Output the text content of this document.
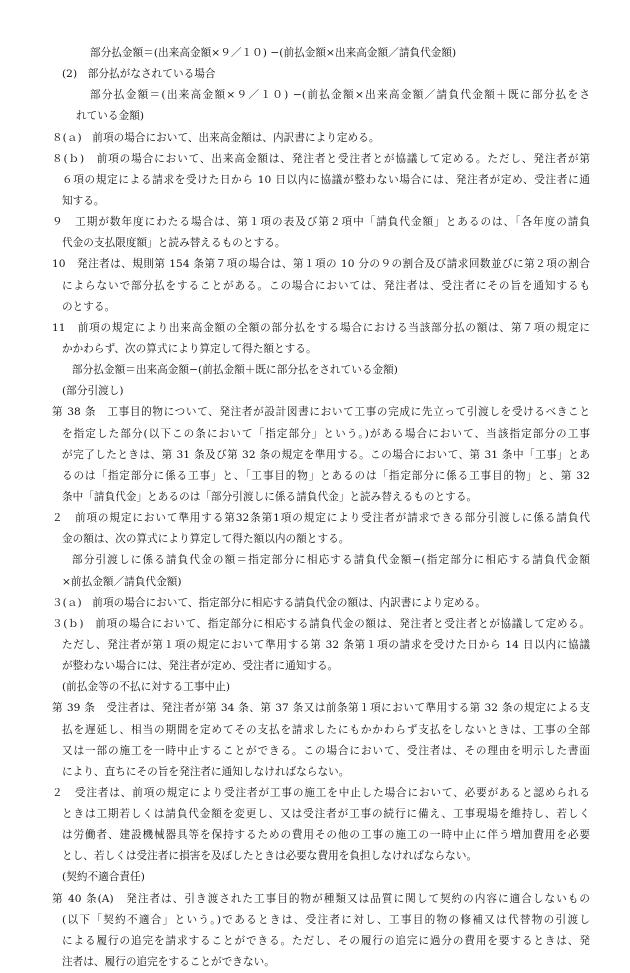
部分払金額＝(出来高金額×９／１０) −(前払金額×出来高金額／請負代金額)
(2)　部分払がなされている場合
部分払金額＝(出来高金額×９／１０) −(前払金額×出来高金額／請負代金額＋既に部分払をさ
れている金額)
８(ａ)　前項の場合において、出来高金額は、内訳書により定める。
８(ｂ)　前項の場合において、出来高金額は、発注者と受注者とが協議して定める。ただし、発注者が第
６項の規定による請求を受けた日から 10 日以内に協議が整わない場合には、発注者が定め、受注者に通
知する。
９　工期が数年度にわたる場合は、第１項の表及び第２項中「請負代金額」とあるのは、「各年度の請負
代金の支払限度額」と読み替えるものとする。
10　発注者は、規則第 154 条第７項の場合は、第１項の 10 分の９の割合及び請求回数並びに第２項の割合
によらないで部分払をすることがある。この場合においては、発注者は、受注者にその旨を通知するも
のとする。
11　前項の規定により出来高金額の全額の部分払をする場合における当該部分払の額は、第７項の規定に
かかわらず、次の算式により算定して得た額とする。
部分払金額＝出来高金額−(前払金額＋既に部分払をされている金額)
(部分引渡し)
第 38 条　工事目的物について、発注者が設計図書において工事の完成に先立って引渡しを受けるべきこと
を指定した部分(以下この条において「指定部分」という。)がある場合において、当該指定部分の工事
が完了したときは、第 31 条及び第 32 条の規定を準用する。この場合において、第 31 条中「工事」とあ
るのは「指定部分に係る工事」と、「工事目的物」とあるのは「指定部分に係る工事目的物」と、第 32
条中「請負代金」とあるのは「部分引渡しに係る請負代金」と読み替えるものとする。
２　前項の規定において準用する第32条第1項の規定により受注者が請求できる部分引渡しに係る請負代
金の額は、次の算式により算定して得た額以内の額とする。
部分引渡しに係る請負代金の額＝指定部分に相応する請負代金額−(指定部分に相応する請負代金額
×前払金額／請負代金額)
３(ａ)　前項の場合において、指定部分に相応する請負代金の額は、内訳書により定める。
３(ｂ)　前項の場合において、指定部分に相応する請負代金の額は、発注者と受注者とが協議して定める。
ただし、発注者が第１項の規定において準用する第 32 条第１項の請求を受けた日から 14 日以内に協議
が整わない場合には、発注者が定め、受注者に通知する。
(前払金等の不払に対する工事中止)
第 39 条　受注者は、発注者が第 34 条、第 37 条又は前条第１項において準用する第 32 条の規定による支
払を遅延し、相当の期間を定めてその支払を請求したにもかかわらず支払をしないときは、工事の全部
又は一部の施工を一時中止することができる。この場合において、受注者は、その理由を明示した書面
により、直ちにその旨を発注者に通知しなければならない。
２　受注者は、前項の規定により受注者が工事の施工を中止した場合において、必要があると認められる
ときは工期若しくは請負代金額を変更し、又は受注者が工事の続行に備え、工事現場を維持し、若しく
は労働者、建設機械器具等を保持するための費用その他の工事の施工の一時中止に伴う増加費用を必要
とし、若しくは受注者に損害を及ぼしたときは必要な費用を負担しなければならない。
(契約不適合責任)
第 40 条(A)　発注者は、引き渡された工事目的物が種類又は品質に関して契約の内容に適合しないもの
(以下「契約不適合」という。)であるときは、受注者に対し、工事目的物の修補又は代替物の引渡し
による履行の追完を請求することができる。ただし、その履行の追完に過分の費用を要するときは、発
注者は、履行の追完をすることができない。
